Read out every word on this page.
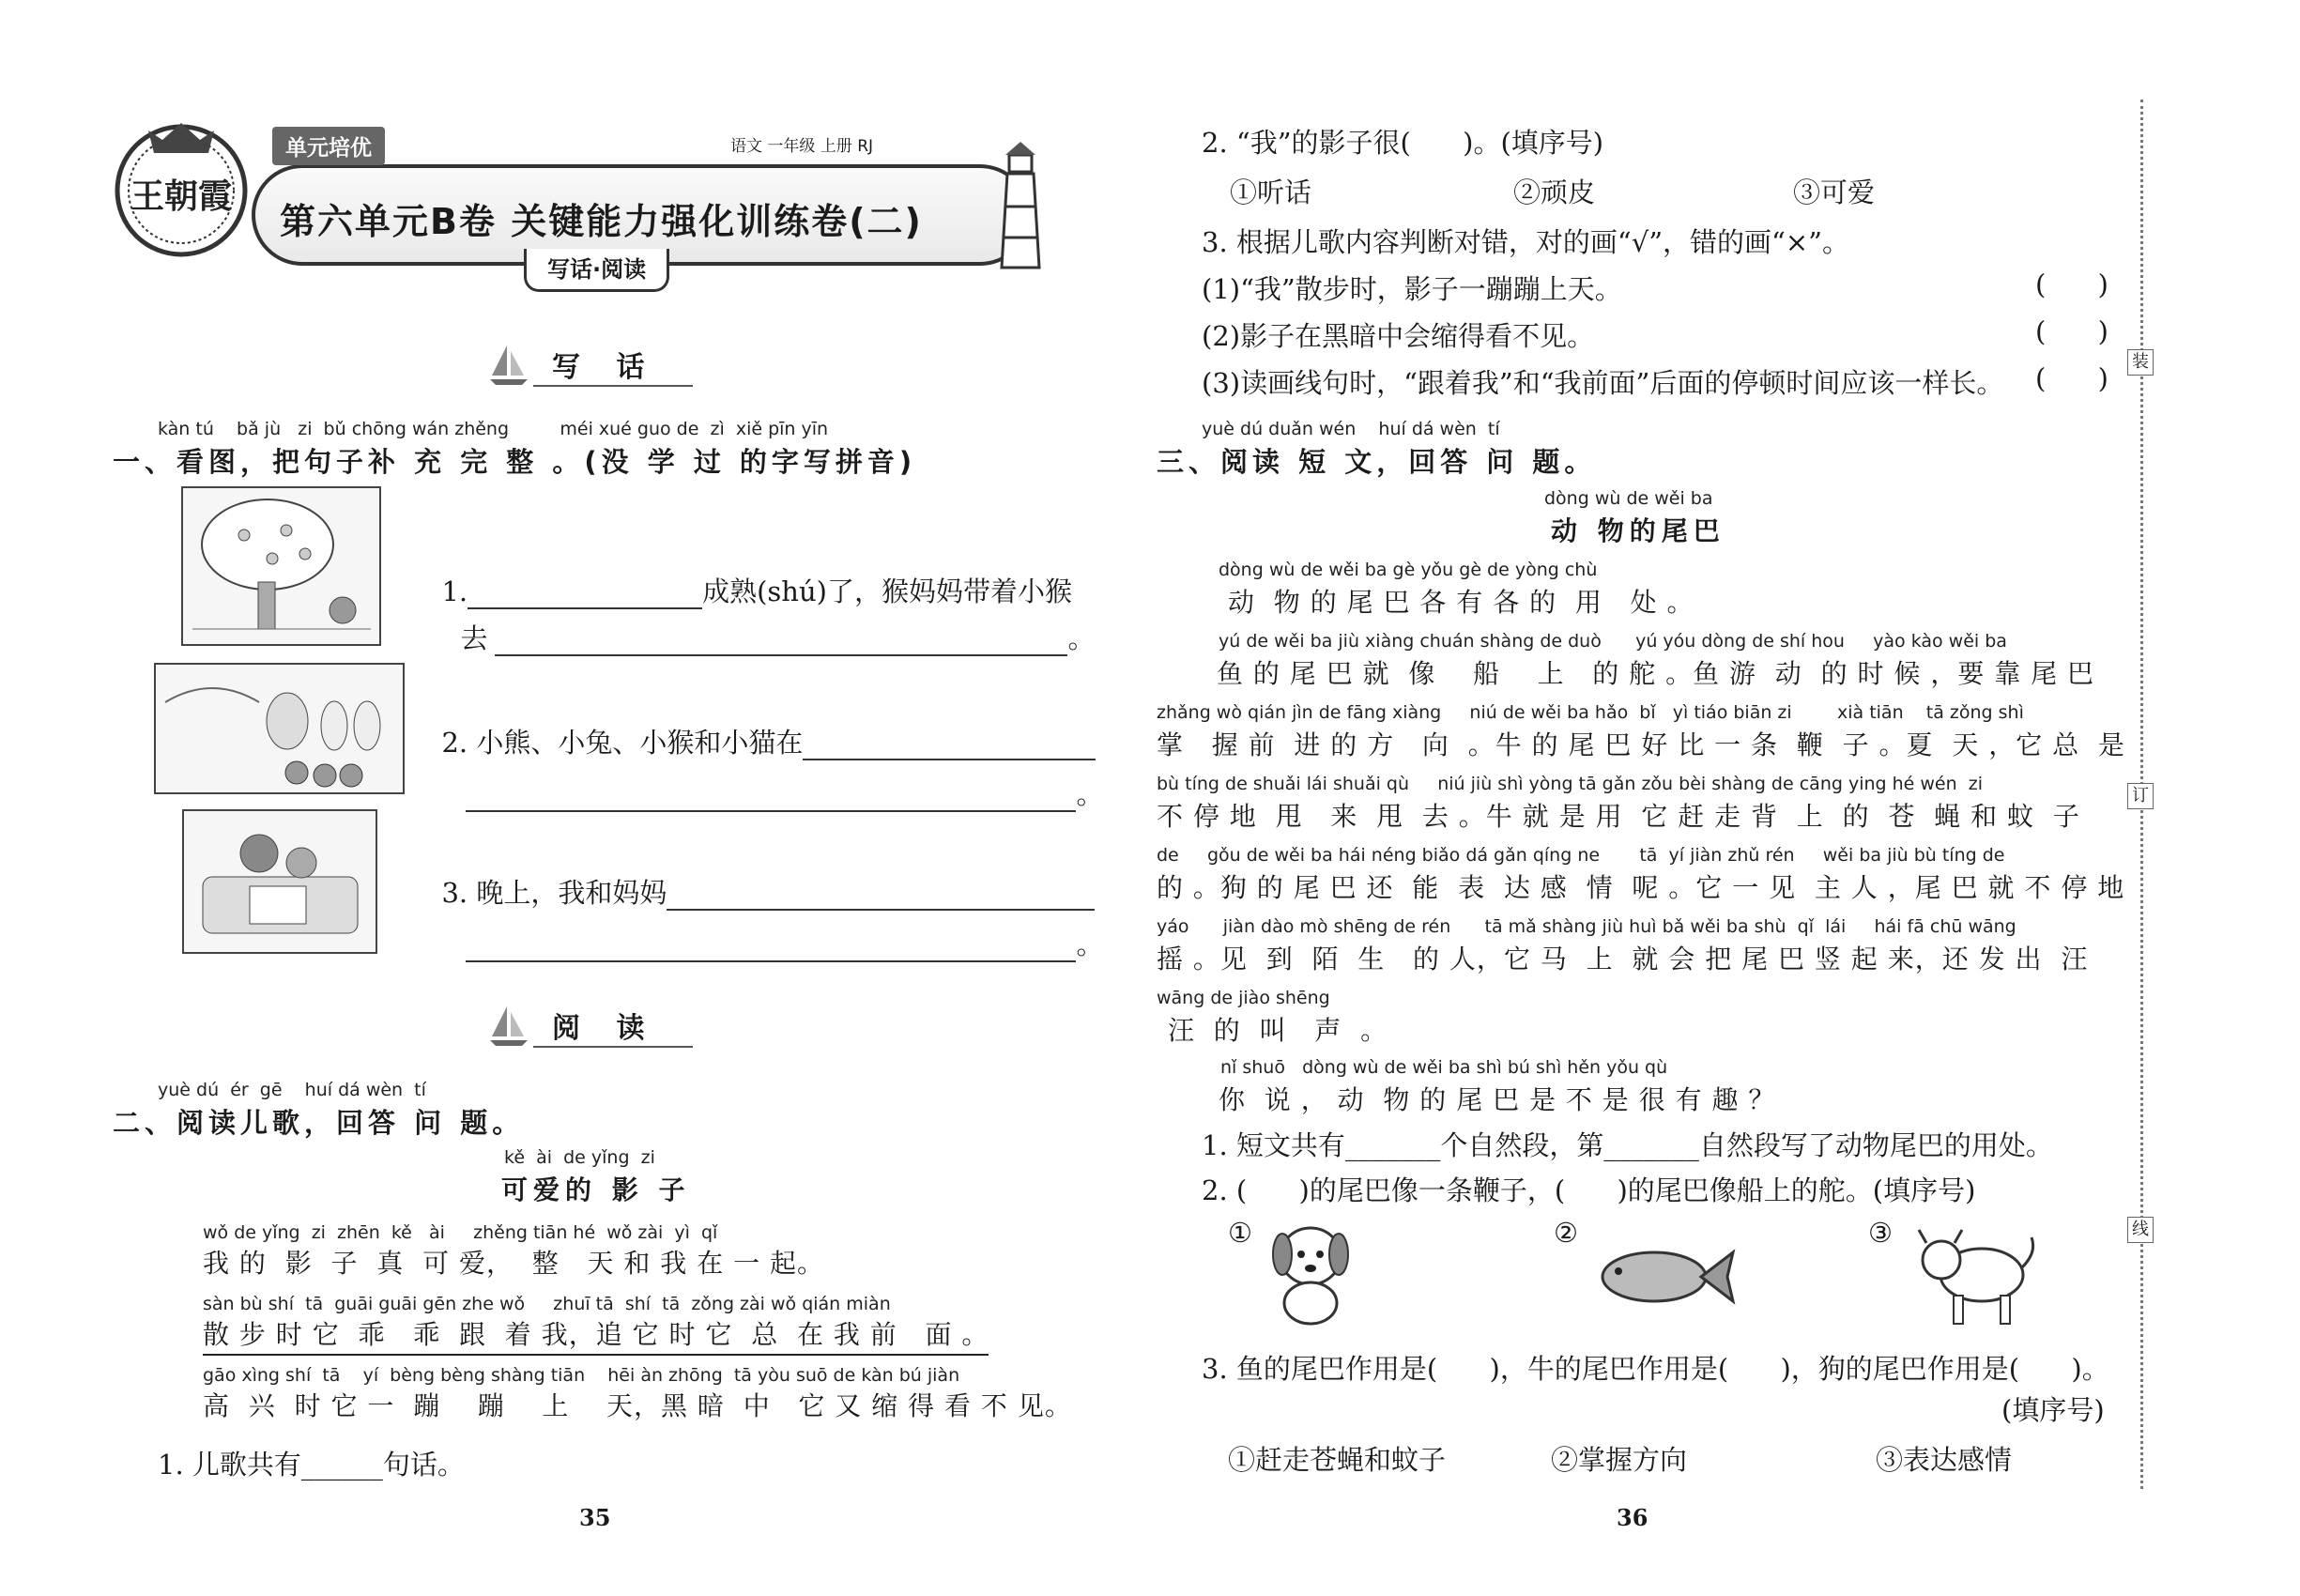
王朝霞
单元培优	语文 一年级 上册 RJ
第六单元B卷 关键能力强化训练卷(二)
写话·阅读
写 话
kàn tú    bǎ jù   zi  bǔ chōng wán zhěng         méi xué guo de  zì  xiě pīn yīn
一、看图，把句子补 充 完 整 。(没 学 过 的字写拼音)

1.	成熟(shú)了，猴妈妈带着小猴

去	。

2. 小熊、小兔、小猴和小猫在

。

3. 晚上，我和妈妈

。

阅 读
yuè dú  ér  gē    huí dá wèn  tí
二、阅读儿歌，回答 问 题。
kě  ài  de yǐng  zi
可爱的 影 子
wǒ de yǐng  zi  zhēn  kě   ài     zhěng tiān hé  wǒ zài  yì  qǐ
我 的  影  子  真  可 爱，  整   天 和 我 在 一 起。
sàn bù shí  tā  guāi guāi gēn zhe wǒ     zhuī tā  shí  tā  zǒng zài wǒ qián miàn
散 步 时 它  乖   乖  跟  着 我，追 它 时 它  总  在 我 前   面 。
gāo xìng shí  tā    yí  bèng bèng shàng tiān    hēi àn zhōng  tā yòu suō de kàn bú jiàn
高  兴  时 它 一  蹦    蹦    上    天，黑 暗  中   它 又 缩 得 看 不 见。
1. 儿歌共有______句话。
35
2. “我”的影子很(      )。(填序号)
①听话	②顽皮	③可爱
3. 根据儿歌内容判断对错，对的画“√”，错的画“×”。
(1)“我”散步时，影子一蹦蹦上天。	(      )
(2)影子在黑暗中会缩得看不见。	(      )
(3)读画线句时，“跟着我”和“我前面”后面的停顿时间应该一样长。 (      )
yuè dú duǎn wén    huí dá wèn  tí
三、阅读 短 文，回答 问 题。
dòng wù de wěi ba
动 物的尾巴
dòng wù de wěi ba gè yǒu gè de yòng chù
动  物 的 尾 巴 各 有 各 的  用   处 。
yú de wěi ba jiù xiàng chuán shàng de duò      yú yóu dòng de shí hou     yào kào wěi ba
鱼 的 尾 巴 就  像    船    上   的 舵 。鱼 游  动  的 时 候 ，要 靠 尾 巴
zhǎng wò qián jìn de fāng xiàng     niú de wěi ba hǎo  bǐ   yì tiáo biān zi        xià tiān    tā zǒng shì
掌   握 前  进 的 方   向  。牛 的 尾 巴 好 比 一 条  鞭  子 。夏  天 ，它 总  是
bù tíng de shuǎi lái shuǎi qù     niú jiù shì yòng tā gǎn zǒu bèi shàng de cāng ying hé wén  zi
不 停 地  甩   来  甩  去 。牛 就 是 用  它 赶 走 背  上  的  苍  蝇 和 蚊  子
de     gǒu de wěi ba hái néng biǎo dá gǎn qíng ne       tā  yí jiàn zhǔ rén     wěi ba jiù bù tíng de
的 。狗 的 尾 巴 还  能  表  达 感  情  呢 。它 一 见  主 人 ，尾 巴 就 不 停 地
yáo      jiàn dào mò shēng de rén      tā mǎ shàng jiù huì bǎ wěi ba shù  qǐ  lái     hái fā chū wāng
摇 。见  到  陌  生   的 人，它 马  上  就 会 把 尾 巴 竖 起 来，还 发 出  汪
wāng de jiào shēng
汪  的  叫   声  。
nǐ shuō   dòng wù de wěi ba shì bú shì hěn yǒu qù
你  说 ， 动  物 的 尾 巴 是 不 是 很 有 趣 ？
1. 短文共有_______个自然段，第_______自然段写了动物尾巴的用处。
2. (      )的尾巴像一条鞭子，(      )的尾巴像船上的舵。(填序号)
①	②	③
3. 鱼的尾巴作用是(      )，牛的尾巴作用是(      )，狗的尾巴作用是(      )。
(填序号)
①赶走苍蝇和蚊子	②掌握方向	③表达感情
36
装
订
线
